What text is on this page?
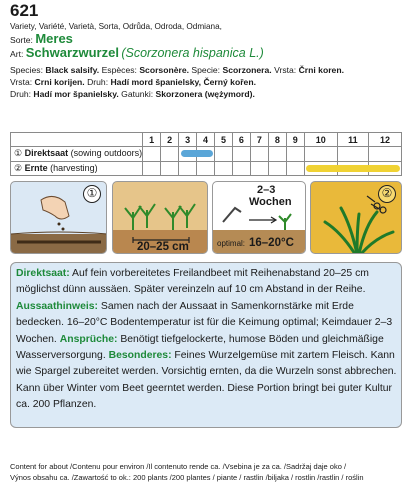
621
Variety, Variété, Varietà, Sorta, Odrůda, Odroda, Odmiana,
Sorte: Meres
Art: Schwarzwurzel (Scorzonera hispanica L.)
Species: Black salsify. Espèces: Scorsonère. Specie: Scorzonera. Vrsta: Črni koren.
Vrsta: Crni korijen. Druh: Hadí mord španielsky, Černý kořen.
Druh: Hadí mor španielsky. Gatunki: Skorzonera (wężymord).
	1	2	3	4	5	6	7	8	9	10	11	12
① Direktsaat (sowing outdoors)												
② Ernte (harvesting)												
①
20–25 cm
2–3
Wochen
optimal: 16–20°C
②

Direktsaat: Auf fein vorbereitetes Freilandbeet mit Reihenabstand 20–25 cm möglichst dünn aussäen. Später vereinzeln auf 10 cm Abstand in der Reihe.

Aussaathinweis: Samen nach der Aussaat in Samenkornstärke mit Erde bedecken. 16–20°C Bodentemperatur ist für die Keimung optimal; Keimdauer 2–3 Wochen. Ansprüche: Benötigt tiefgelockerte, humose Böden und gleichmäßige Wasserversorgung. Besonderes: Feines Wurzelgemüse mit zartem Fleisch. Kann wie Spargel zubereitet werden. Vorsichtig ernten, da die Wurzeln sonst abbrechen. Kann über Winter vom Beet geerntet werden. Diese Portion bringt bei guter Kultur ca. 200 Pflanzen.

Content for about /Contenu pour environ /Il contenuto rende ca. /Vsebina je za ca. /Sadržaj daje oko /
Výnos obsahu ca. /Zawartość to ok.: 200 plants /200 plantes / piante / rastlin /biljaka / rostlin /rastlin / roślin
